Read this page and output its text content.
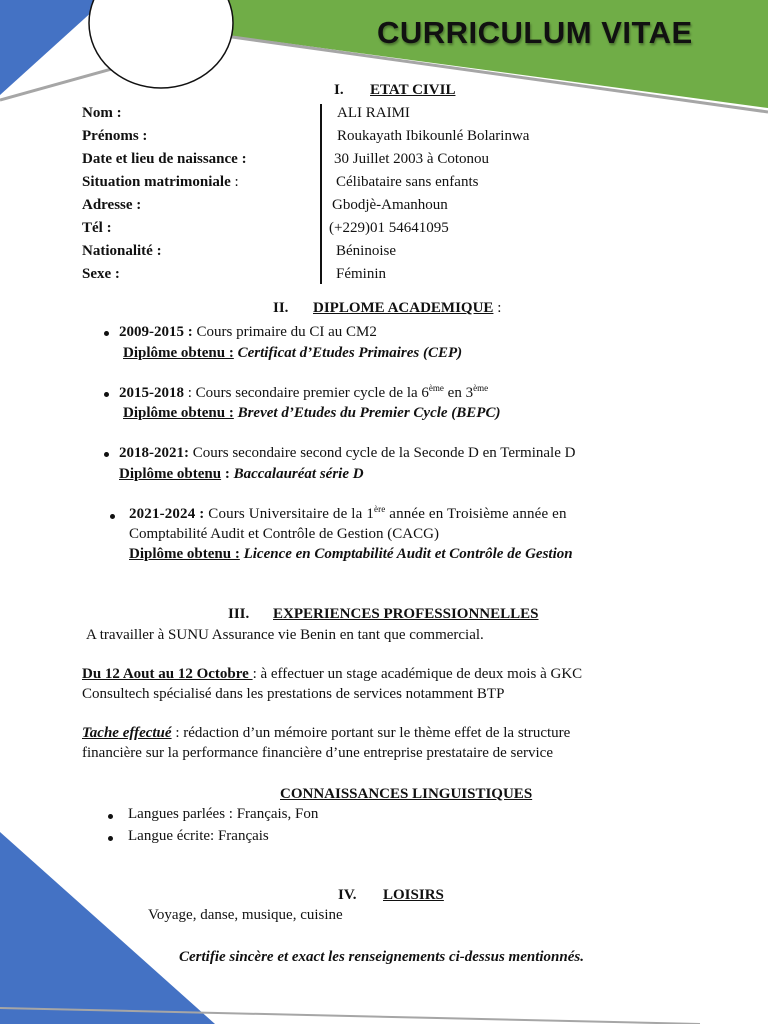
CURRICULUM VITAE
I. ETAT CIVIL
Nom :	ALI RAIMI
Prénoms :	Roukayath Ibikounlé Bolarinwa
Date et lieu de naissance :	30 Juillet 2003 à Cotonou
Situation matrimoniale :	Célibataire sans enfants
Adresse :	Gbodjè-Amanhoun
Tél :	(+229)01 54641095
Nationalité :	Béninoise
Sexe :	Féminin
II. DIPLOME ACADEMIQUE :
2009-2015 : Cours primaire du CI au CM2
Diplôme obtenu : Certificat d’Etudes Primaires (CEP)
2015-2018 : Cours secondaire premier cycle de la 6ème en 3ème
Diplôme obtenu : Brevet d’Etudes du Premier Cycle (BEPC)
2018-2021: Cours secondaire second cycle de la Seconde D en Terminale D
Diplôme obtenu : Baccalauréat série D
2021-2024 : Cours Universitaire de la 1ère année en Troisième année en
Comptabilité Audit et Contrôle de Gestion (CACG)
Diplôme obtenu : Licence en Comptabilité Audit et Contrôle de Gestion
III. EXPERIENCES PROFESSIONNELLES
A travailler à SUNU Assurance vie Benin en tant que commercial.
Du 12 Aout au 12 Octobre : à effectuer un stage académique de deux mois à GKC
Consultech spécialisé dans les prestations de services notamment BTP
Tache effectué : rédaction d’un mémoire portant sur le thème effet de la structure
financière sur la performance financière d’une entreprise prestataire de service
CONNAISSANCES LINGUISTIQUES
Langues parlées : Français, Fon
Langue écrite: Français
IV. LOISIRS
Voyage, danse, musique, cuisine
Certifie sincère et exact les renseignements ci-dessus mentionnés.
